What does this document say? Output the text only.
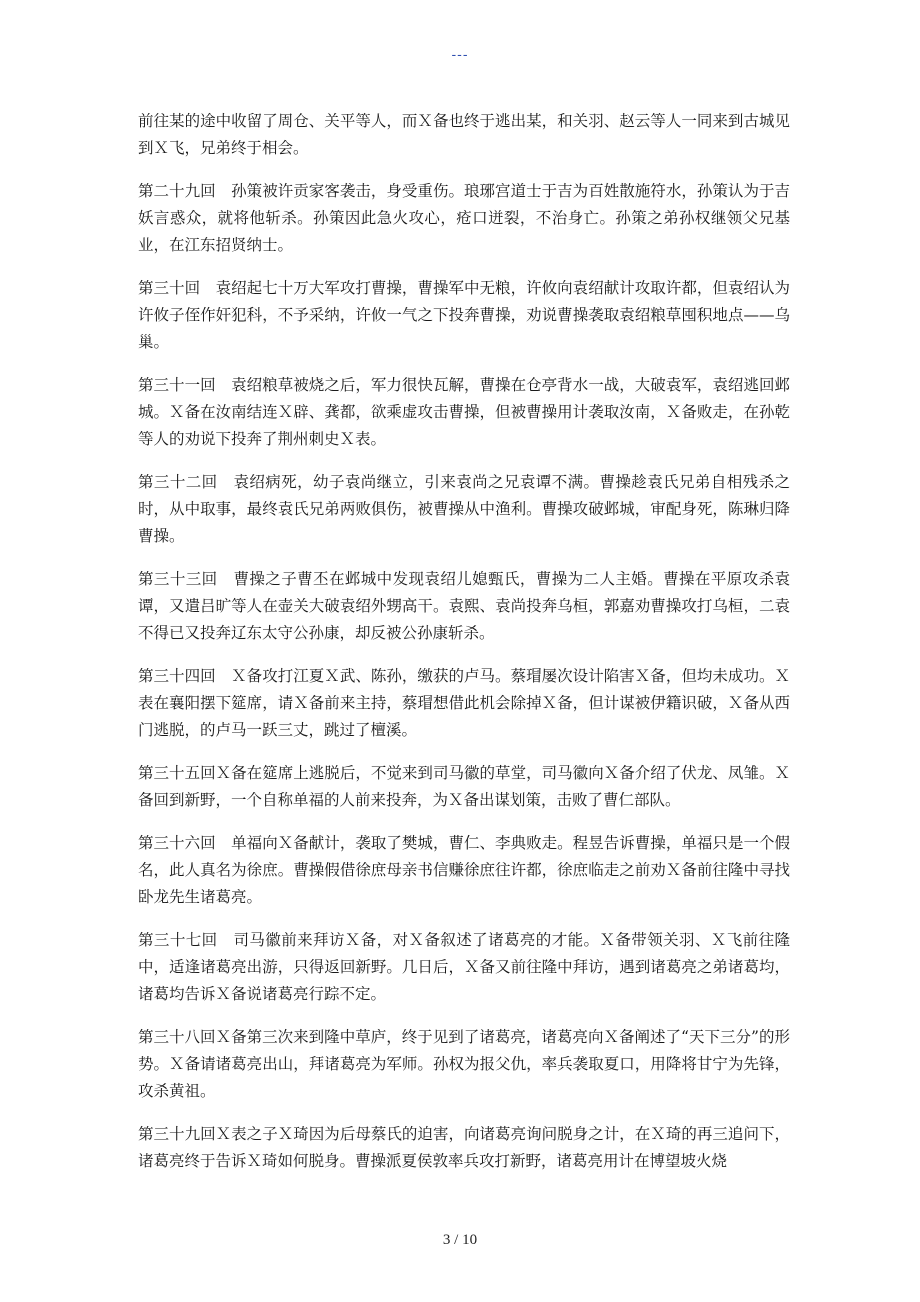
---

前往某的途中收留了周仓、关平等人，而Ｘ备也终于逃出某，和关羽、赵云等人一同来到古城见到Ｘ飞，兄弟终于相会。

第二十九回　孙策被许贡家客袭击，身受重伤。琅琊宫道士于吉为百姓散施符水，孙策认为于吉妖言惑众，就将他斩杀。孙策因此急火攻心，疮口迸裂，不治身亡。孙策之弟孙权继领父兄基业，在江东招贤纳士。

第三十回　袁绍起七十万大军攻打曹操，曹操军中无粮，许攸向袁绍献计攻取许都，但袁绍认为许攸子侄作奸犯科，不予采纳，许攸一气之下投奔曹操，劝说曹操袭取袁绍粮草囤积地点——乌巢。

第三十一回　袁绍粮草被烧之后，军力很快瓦解，曹操在仓亭背水一战，大破袁军，袁绍逃回邺城。Ｘ备在汝南结连Ｘ辟、龚都，欲乘虚攻击曹操，但被曹操用计袭取汝南，Ｘ备败走，在孙乾等人的劝说下投奔了荆州刺史Ｘ表。

第三十二回　袁绍病死，幼子袁尚继立，引来袁尚之兄袁谭不满。曹操趁袁氏兄弟自相残杀之时，从中取事，最终袁氏兄弟两败俱伤，被曹操从中渔利。曹操攻破邺城，审配身死，陈琳归降曹操。

第三十三回　曹操之子曹丕在邺城中发现袁绍儿媳甄氏，曹操为二人主婚。曹操在平原攻杀袁谭，又遣吕旷等人在壶关大破袁绍外甥高干。袁熙、袁尚投奔乌桓，郭嘉劝曹操攻打乌桓，二袁不得已又投奔辽东太守公孙康，却反被公孙康斩杀。

第三十四回　Ｘ备攻打江夏Ｘ武、陈孙，缴获的卢马。蔡瑁屡次设计陷害Ｘ备，但均未成功。Ｘ表在襄阳摆下筵席，请Ｘ备前来主持，蔡瑁想借此机会除掉Ｘ备，但计谋被伊籍识破，Ｘ备从西门逃脱，的卢马一跃三丈，跳过了檀溪。

第三十五回Ｘ备在筵席上逃脱后，不觉来到司马徽的草堂，司马徽向Ｘ备介绍了伏龙、凤雏。Ｘ备回到新野，一个自称单福的人前来投奔，为Ｘ备出谋划策，击败了曹仁部队。

第三十六回　单福向Ｘ备献计，袭取了樊城，曹仁、李典败走。程昱告诉曹操，单福只是一个假名，此人真名为徐庶。曹操假借徐庶母亲书信赚徐庶往许都，徐庶临走之前劝Ｘ备前往隆中寻找卧龙先生诸葛亮。

第三十七回　司马徽前来拜访Ｘ备，对Ｘ备叙述了诸葛亮的才能。Ｘ备带领关羽、Ｘ飞前往隆中，适逢诸葛亮出游，只得返回新野。几日后，Ｘ备又前往隆中拜访，遇到诸葛亮之弟诸葛均，诸葛均告诉Ｘ备说诸葛亮行踪不定。

第三十八回Ｘ备第三次来到隆中草庐，终于见到了诸葛亮，诸葛亮向Ｘ备阐述了“天下三分”的形势。Ｘ备请诸葛亮出山，拜诸葛亮为军师。孙权为报父仇，率兵袭取夏口，用降将甘宁为先锋，攻杀黄祖。

第三十九回Ｘ表之子Ｘ琦因为后母蔡氏的迫害，向诸葛亮询问脱身之计，在Ｘ琦的再三追问下，诸葛亮终于告诉Ｘ琦如何脱身。曹操派夏侯敦率兵攻打新野，诸葛亮用计在博望坡火烧

3 / 10
